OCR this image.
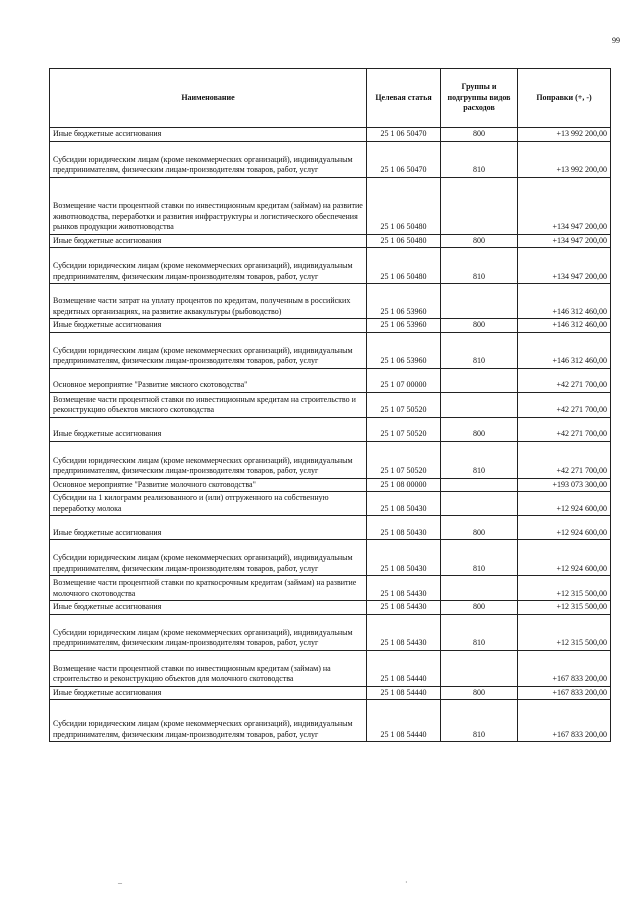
99
Наименование	Целевая статья	Группы и подгруппы видов расходов	Поправки (+, -)
Иные бюджетные ассигнования	25 1 06 50470	800	+13 992 200,00
Субсидии юридическим лицам (кроме некоммерческих организаций), индивидуальным предпринимателям, физическим лицам-производителям товаров, работ, услуг	25 1 06 50470	810	+13 992 200,00
Возмещение части процентной ставки по инвестиционным кредитам (займам) на развитие животноводства, переработки и развития инфраструктуры и логистического обеспечения рынков продукции животноводства	25 1 06 50480		+134 947 200,00
Иные бюджетные ассигнования	25 1 06 50480	800	+134 947 200,00
Субсидии юридическим лицам (кроме некоммерческих организаций), индивидуальным предпринимателям, физическим лицам-производителям товаров, работ, услуг	25 1 06 50480	810	+134 947 200,00
Возмещение части затрат на уплату процентов по кредитам, полученным в российских кредитных организациях, на развитие аквакультуры (рыбоводство)	25 1 06 53960		+146 312 460,00
Иные бюджетные ассигнования	25 1 06 53960	800	+146 312 460,00
Субсидии юридическим лицам (кроме некоммерческих организаций), индивидуальным предпринимателям, физическим лицам-производителям товаров, работ, услуг	25 1 06 53960	810	+146 312 460,00
Основное мероприятие "Развитие мясного скотоводства"	25 1 07 00000		+42 271 700,00
Возмещение части процентной ставки по инвестиционным кредитам на строительство и реконструкцию объектов мясного скотоводства	25 1 07 50520		+42 271 700,00
Иные бюджетные ассигнования	25 1 07 50520	800	+42 271 700,00
Субсидии юридическим лицам (кроме некоммерческих организаций), индивидуальным предпринимателям, физическим лицам-производителям товаров, работ, услуг	25 1 07 50520	810	+42 271 700,00
Основное мероприятие "Развитие молочного скотоводства"	25 1 08 00000		+193 073 300,00
Субсидии на 1 килограмм реализованного и (или) отгруженного на собственную переработку молока	25 1 08 50430		+12 924 600,00
Иные бюджетные ассигнования	25 1 08 50430	800	+12 924 600,00
Субсидии юридическим лицам (кроме некоммерческих организаций), индивидуальным предпринимателям, физическим лицам-производителям товаров, работ, услуг	25 1 08 50430	810	+12 924 600,00
Возмещение части процентной ставки по краткосрочным кредитам (займам) на развитие молочного скотоводства	25 1 08 54430		+12 315 500,00
Иные бюджетные ассигнования	25 1 08 54430	800	+12 315 500,00
Субсидии юридическим лицам (кроме некоммерческих организаций), индивидуальным предпринимателям, физическим лицам-производителям товаров, работ, услуг	25 1 08 54430	810	+12 315 500,00
Возмещение части процентной ставки по инвестиционным кредитам (займам) на строительство и реконструкцию объектов для молочного скотоводства	25 1 08 54440		+167 833 200,00
Иные бюджетные ассигнования	25 1 08 54440	800	+167 833 200,00
Субсидии юридическим лицам (кроме некоммерческих организаций), индивидуальным предпринимателям, физическим лицам-производителям товаров, работ, услуг	25 1 08 54440	810	+167 833 200,00
–	·
